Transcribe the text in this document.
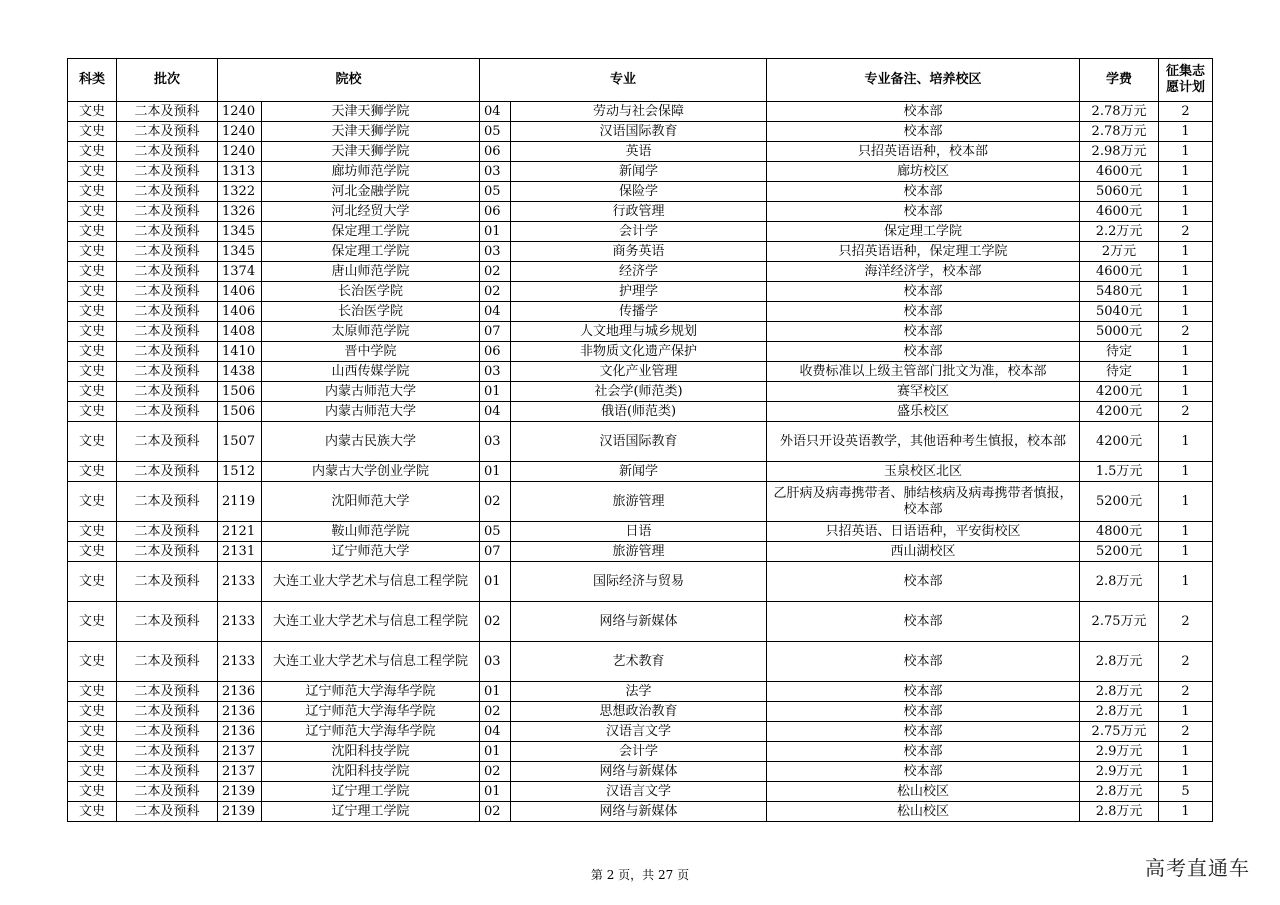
科类	批次	院校		专业		专业备注、培养校区	学费	征集志愿计划
文史	二本及预科	1240	天津天狮学院	04	劳动与社会保障	校本部	2.78万元	2
文史	二本及预科	1240	天津天狮学院	05	汉语国际教育	校本部	2.78万元	1
文史	二本及预科	1240	天津天狮学院	06	英语	只招英语语种，校本部	2.98万元	1
文史	二本及预科	1313	廊坊师范学院	03	新闻学	廊坊校区	4600元	1
文史	二本及预科	1322	河北金融学院	05	保险学	校本部	5060元	1
文史	二本及预科	1326	河北经贸大学	06	行政管理	校本部	4600元	1
文史	二本及预科	1345	保定理工学院	01	会计学	保定理工学院	2.2万元	2
文史	二本及预科	1345	保定理工学院	03	商务英语	只招英语语种，保定理工学院	2万元	1
文史	二本及预科	1374	唐山师范学院	02	经济学	海洋经济学，校本部	4600元	1
文史	二本及预科	1406	长治医学院	02	护理学	校本部	5480元	1
文史	二本及预科	1406	长治医学院	04	传播学	校本部	5040元	1
文史	二本及预科	1408	太原师范学院	07	人文地理与城乡规划	校本部	5000元	2
文史	二本及预科	1410	晋中学院	06	非物质文化遗产保护	校本部	待定	1
文史	二本及预科	1438	山西传媒学院	03	文化产业管理	收费标准以上级主管部门批文为准，校本部	待定	1
文史	二本及预科	1506	内蒙古师范大学	01	社会学(师范类)	赛罕校区	4200元	1
文史	二本及预科	1506	内蒙古师范大学	04	俄语(师范类)	盛乐校区	4200元	2
文史	二本及预科	1507	内蒙古民族大学	03	汉语国际教育	外语只开设英语教学，其他语种考生慎报，校本部	4200元	1
文史	二本及预科	1512	内蒙古大学创业学院	01	新闻学	玉泉校区北区	1.5万元	1
文史	二本及预科	2119	沈阳师范大学	02	旅游管理	乙肝病及病毒携带者、肺结核病及病毒携带者慎报，校本部	5200元	1
文史	二本及预科	2121	鞍山师范学院	05	日语	只招英语、日语语种，平安街校区	4800元	1
文史	二本及预科	2131	辽宁师范大学	07	旅游管理	西山湖校区	5200元	1
文史	二本及预科	2133	大连工业大学艺术与信息工程学院	01	国际经济与贸易	校本部	2.8万元	1
文史	二本及预科	2133	大连工业大学艺术与信息工程学院	02	网络与新媒体	校本部	2.75万元	2
文史	二本及预科	2133	大连工业大学艺术与信息工程学院	03	艺术教育	校本部	2.8万元	2
文史	二本及预科	2136	辽宁师范大学海华学院	01	法学	校本部	2.8万元	2
文史	二本及预科	2136	辽宁师范大学海华学院	02	思想政治教育	校本部	2.8万元	1
文史	二本及预科	2136	辽宁师范大学海华学院	04	汉语言文学	校本部	2.75万元	2
文史	二本及预科	2137	沈阳科技学院	01	会计学	校本部	2.9万元	1
文史	二本及预科	2137	沈阳科技学院	02	网络与新媒体	校本部	2.9万元	1
文史	二本及预科	2139	辽宁理工学院	01	汉语言文学	松山校区	2.8万元	5
文史	二本及预科	2139	辽宁理工学院	02	网络与新媒体	松山校区	2.8万元	1
第 2 页，共 27 页	高考直通车
